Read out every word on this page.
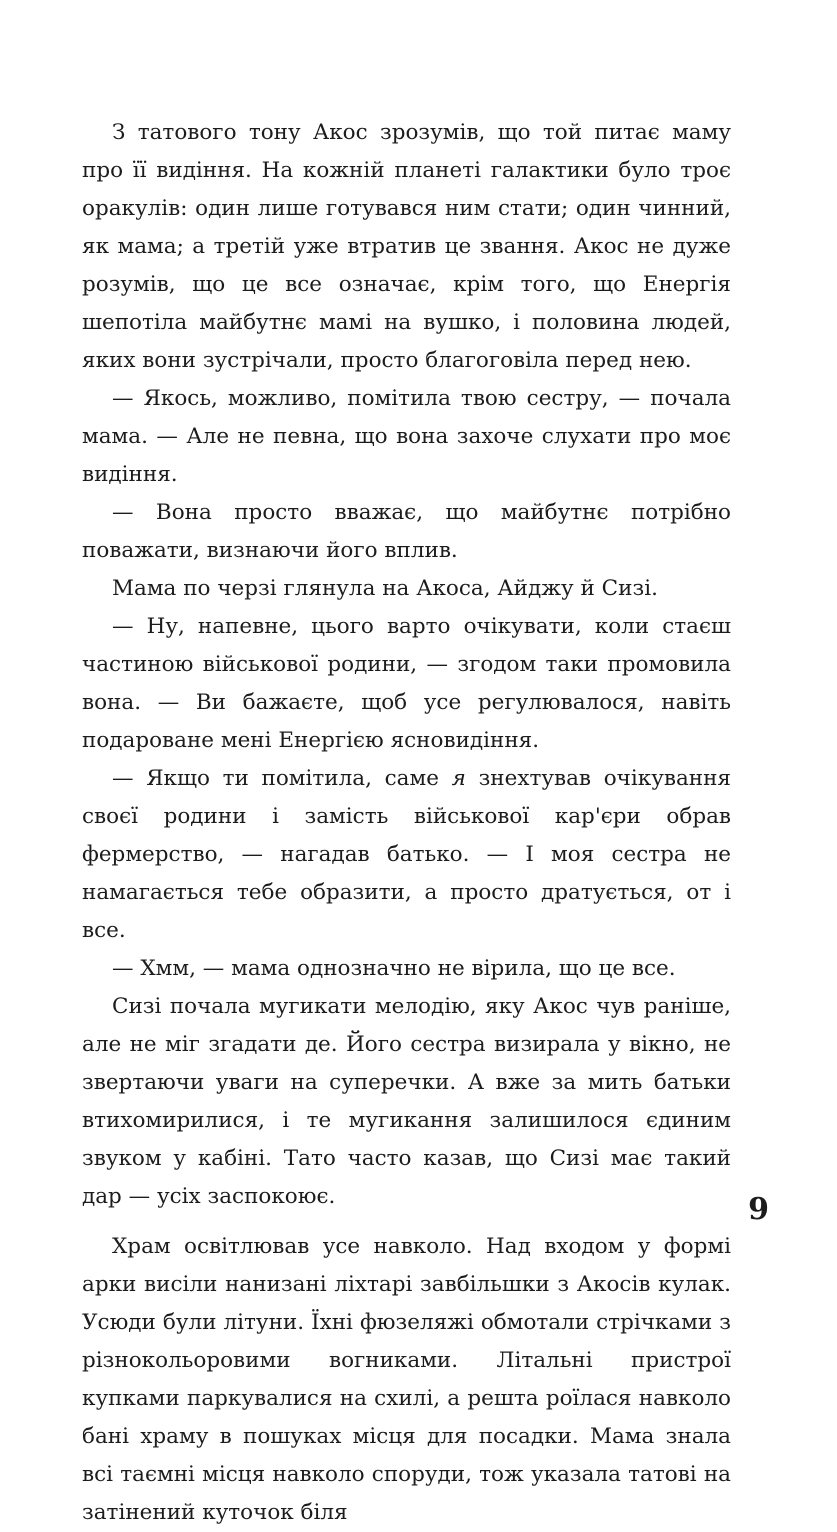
З татового тону Акос зрозумів, що той питає маму про її видіння. На кожній планеті галактики було троє оракулів: один лише готувався ним стати; один чинний, як мама; а третій уже втратив це звання. Акос не дуже розумів, що це все означає, крім того, що Енергія шепотіла майбутнє мамі на вушко, і половина людей, яких вони зустрічали, просто благоговіла перед нею.

— Якось, можливо, помітила твою сестру, — почала мама. — Але не певна, що вона захоче слухати про моє видіння.

— Вона просто вважає, що майбутнє потрібно поважати, визнаючи його вплив.

Мама по черзі глянула на Акоса, Айджу й Сизі.

— Ну, напевне, цього варто очікувати, коли стаєш частиною військової родини, — згодом таки промовила вона. — Ви бажаєте, щоб усе регулювалося, навіть подароване мені Енергією ясновидіння.

— Якщо ти помітила, саме я знехтував очікування своєї родини і замість військової кар'єри обрав фермерство, — нагадав батько. — І моя сестра не намагається тебе образити, а просто дратується, от і все.

— Хмм, — мама однозначно не вірила, що це все.

Сизі почала мугикати мелодію, яку Акос чув раніше, але не міг згадати де. Його сестра визирала у вікно, не звертаючи уваги на суперечки. А вже за мить батьки втихомирилися, і те мугикання залишилося єдиним звуком у кабіні. Тато часто казав, що Сизі має такий дар — усіх заспокоює.

Храм освітлював усе навколо. Над входом у формі арки висіли нанизані ліхтарі завбільшки з Акосів кулак. Усюди були літуни. Їхні фюзеляжі обмотали стрічками з різнокольоровими вогниками. Літальні пристрої купками паркувалися на схилі, а решта роїлася навколо бані храму в пошуках місця для посадки. Мама знала всі таємні місця навколо споруди, тож указала татові на затінений куточок біля

9
